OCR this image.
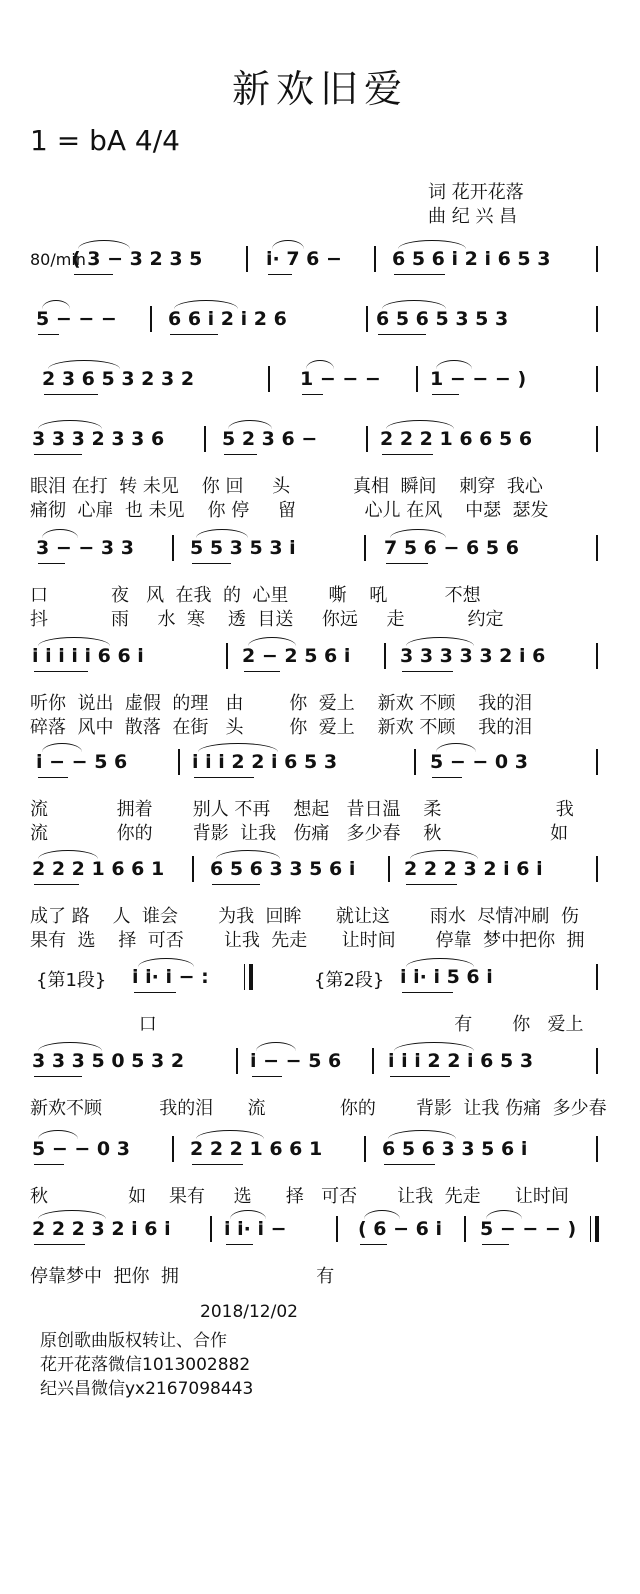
新欢旧爱
1 = bA 4/4
词 花开花落
曲 纪 兴 昌
80/min
( 3 − 3 2 3 5	i· 7 6 −	6 5 6 i 2 i 6 5 3
5 − − −	6 6 i 2 i 2 6	6 5 6 5 3 5 3
2 3 6 5 3 2 3 2	1 − − −	1 − − − )
3 3 3 2 3 3 6	5 2 3 6 −	2 2 2 1 6 6 5 6
眼泪 在打  转 未见    你 回     头           真相  瞬间    刺穿  我心
痛彻  心扉  也 未见    你 停     留            心儿 在风    中瑟  瑟发
3 − − 3 3	5 5 3 5 3 i	7 5 6 − 6 5 6
口           夜   风  在我  的  心里       嘶    吼          不想
抖           雨     水  寒    透  目送     你远     走           约定
i i i i i 6 6 i	2 − 2 5 6 i	3 3 3 3 3 2 i 6
听你  说出  虚假  的理   由        你  爱上    新欢 不顾    我的泪
碎落  风中  散落  在街   头        你  爱上    新欢 不顾    我的泪
i − − 5 6	i i i 2 2 i 6 5 3	5 − − 0 3
流            拥着       别人 不再    想起   昔日温    柔                    我
流            你的       背影  让我   伤痛   多少春    秋                   如
2 2 2 1 6 6 1 6 5 6 3 3 5 6 i	2 2 2 3 2 i 6 i
成了 路    人  谁会       为我  回眸      就让这       雨水  尽情冲刷  伤
果有  选    择  可否       让我  先走      让时间       停靠  梦中把你  拥
{第1段} i i· i − :	{第2段} i i· i 5 6 i
口                                                    有       你   爱上
3 3 3 5 0 5 3 2	i − − 5 6 i i i 2 2 i 6 5 3
新欢不顾          我的泪      流             你的       背影  让我 伤痛  多少春
5 − − 0 3	2 2 2 1 6 6 1	6 5 6 3 3 5 6 i
秋              如    果有     选      择   可否       让我  先走      让时间
2 2 2 3 2 i 6 i	i i· i −	( 6 − 6 i 5 − − − )
停靠梦中  把你  拥                        有
2018/12/02
原创歌曲版权转让、合作
花开花落微信1013002882
纪兴昌微信yx2167098443
